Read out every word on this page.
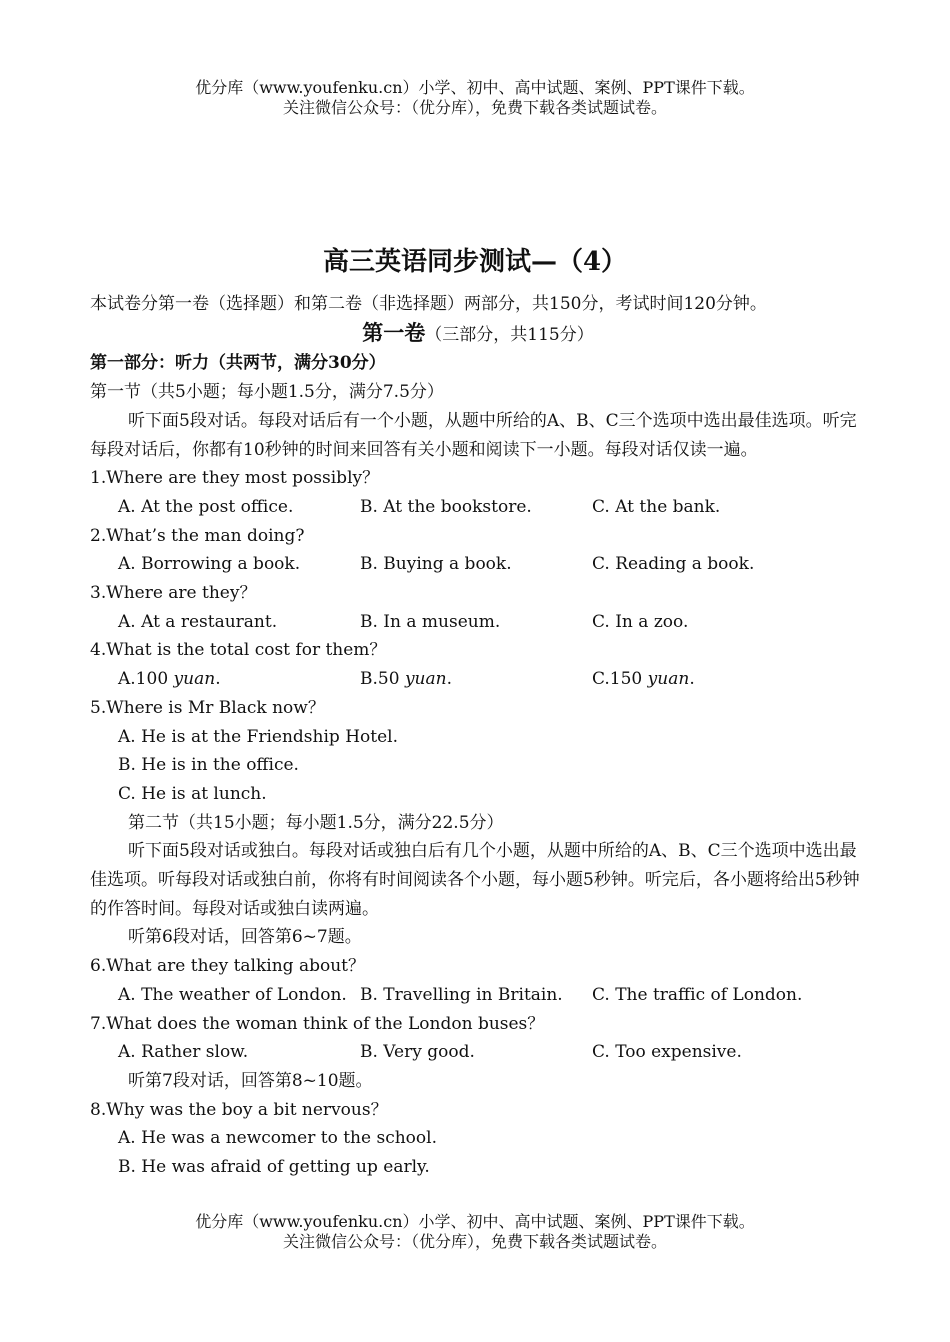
优分库（www.youfenku.cn）小学、初中、高中试题、案例、PPT课件下载。
关注微信公众号：（优分库），免费下载各类试题试卷。
高三英语同步测试—（4）

本试卷分第一卷（选择题）和第二卷（非选择题）两部分，共150分，考试时间120分钟。

第一卷（三部分，共115分）

第一部分：听力（共两节，满分30分）

第一节（共5小题；每小题1.5分，满分7.5分）

听下面5段对话。每段对话后有一个小题，从题中所给的A、B、C三个选项中选出最佳选项。听完每段对话后，你都有10秒钟的时间来回答有关小题和阅读下一小题。每段对话仅读一遍。

1.Where are they most possibly？

A. At the post office.	B. At the bookstore.	C. At the bank.

2.What’s the man doing?

A. Borrowing a book.	B. Buying a book.	C. Reading a book.

3.Where are they？

A. At a restaurant.	B. In a museum.	C. In a zoo.

4.What is the total cost for them？

A.100 yuan.	B.50 yuan.	C.150 yuan.

5.Where is Mr Black now？

A. He is at the Friendship Hotel.

B. He is in the office.

C. He is at lunch.

第二节（共15小题；每小题1.5分，满分22.5分）

听下面5段对话或独白。每段对话或独白后有几个小题，从题中所给的A、B、C三个选项中选出最佳选项。听每段对话或独白前，你将有时间阅读各个小题，每小题5秒钟。听完后，各小题将给出5秒钟的作答时间。每段对话或独白读两遍。

听第6段对话，回答第6~7题。

6.What are they talking about？

A. The weather of London. B. Travelling in Britain.	C. The traffic of London.

7.What does the woman think of the London buses？

A. Rather slow.	B. Very good.	C. Too expensive.

听第7段对话，回答第8~10题。

8.Why was the boy a bit nervous？

A. He was a newcomer to the school.

B. He was afraid of getting up early.

优分库（www.youfenku.cn）小学、初中、高中试题、案例、PPT课件下载。
关注微信公众号：（优分库），免费下载各类试题试卷。
